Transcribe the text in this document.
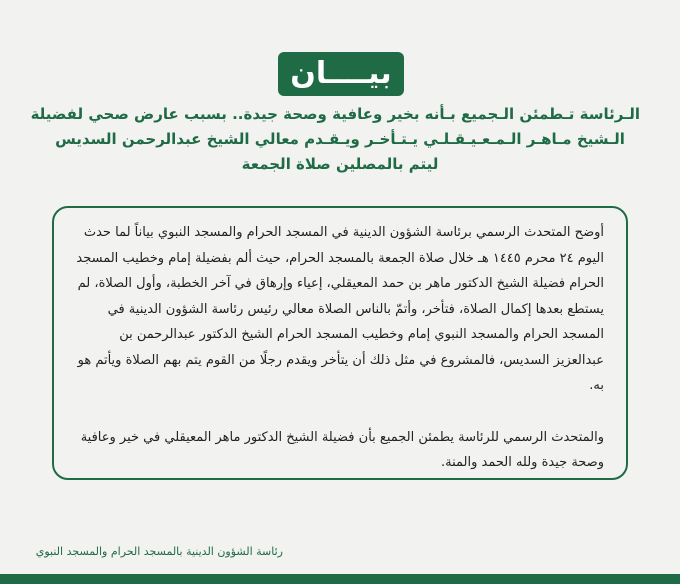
بيــــان
الـرئاسة تـطمئن الـجميع بـأنه بخير وعافية وصحة جيدة.. بسبب عارض صحي لفضيلة
الـشيخ مـاهـر الـمـعـيـقـلـي يـتـأخـر ويـقـدم معالي الشيخ عبدالرحمن السديس
ليتم بالمصلين صلاة الجمعة

أوضح المتحدث الرسمي برئاسة الشؤون الدينية في المسجد الحرام والمسجد النبوي بياناً لما حدث اليوم ٢٤ محرم ١٤٤٥ هـ خلال صلاة الجمعة بالمسجد الحرام، حيث ألم بفضيلة إمام وخطيب المسجد الحرام فضيلة الشيخ الدكتور ماهر بن حمد المعيقلي، إعياء وإرهاق في آخر الخطبة، وأول الصلاة، لم يستطع بعدها إكمال الصلاة، فتأخر، وأتمّ بالناس الصلاة معالي رئيس رئاسة الشؤون الدينية في المسجد الحرام والمسجد النبوي إمام وخطيب المسجد الحرام الشيخ الدكتور عبدالرحمن بن عبدالعزيز السديس، فالمشروع في مثل ذلك أن يتأخر ويقدم رجلًا من القوم يتم بهم الصلاة ويأتم هو به.

والمتحدث الرسمي للرئاسة يطمئن الجميع بأن فضيلة الشيخ الدكتور ماهر المعيقلي في خير وعافية وصحة جيدة ولله الحمد والمنة.

رئاسة الشؤون الدينية بالمسجد الحرام والمسجد النبوي
